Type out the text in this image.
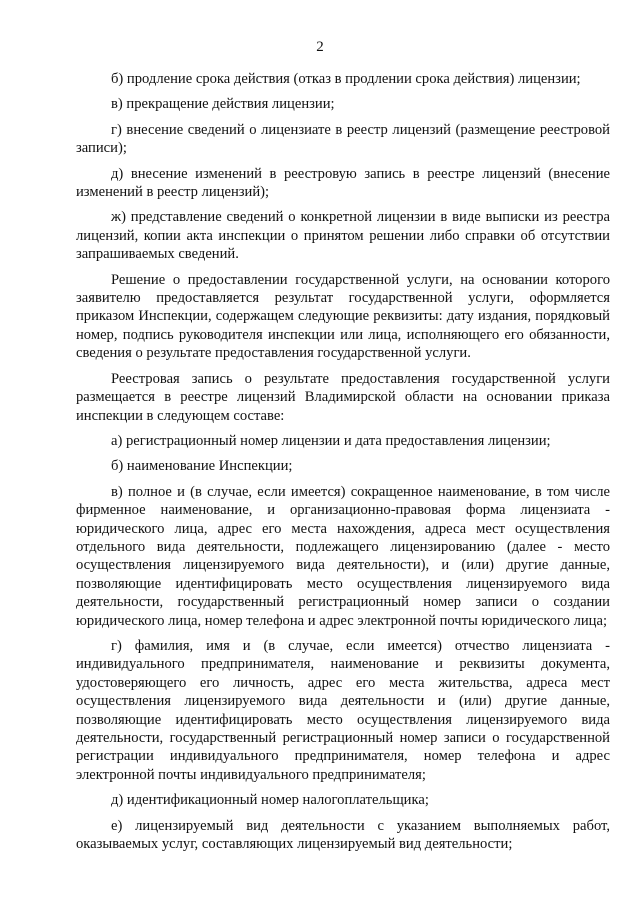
2

б) продление срока действия (отказ в продлении срока действия) лицензии;

в) прекращение действия лицензии;

г) внесение сведений о лицензиате в реестр лицензий (размещение реестровой записи);

д) внесение изменений в реестровую запись в реестре лицензий (внесение изменений в реестр лицензий);

ж) представление сведений о конкретной лицензии в виде выписки из реестра лицензий, копии акта инспекции о принятом решении либо справки об отсутствии запрашиваемых сведений.

Решение о предоставлении государственной услуги, на основании которого заявителю предоставляется результат государственной услуги, оформляется приказом Инспекции, содержащем следующие реквизиты: дату издания, порядковый номер, подпись руководителя инспекции или лица, исполняющего его обязанности, сведения о результате предоставления государственной услуги.

Реестровая запись о результате предоставления государственной услуги размещается в реестре лицензий Владимирской области на основании приказа инспекции в следующем составе:

а) регистрационный номер лицензии и дата предоставления лицензии;

б) наименование Инспекции;

в) полное и (в случае, если имеется) сокращенное наименование, в том числе фирменное наименование, и организационно-правовая форма лицензиата - юридического лица, адрес его места нахождения, адреса мест осуществления отдельного вида деятельности, подлежащего лицензированию (далее - место осуществления лицензируемого вида деятельности), и (или) другие данные, позволяющие идентифицировать место осуществления лицензируемого вида деятельности, государственный регистрационный номер записи о создании юридического лица, номер телефона и адрес электронной почты юридического лица;

г) фамилия, имя и (в случае, если имеется) отчество лицензиата - индивидуального предпринимателя, наименование и реквизиты документа, удостоверяющего его личность, адрес его места жительства, адреса мест осуществления лицензируемого вида деятельности и (или) другие данные, позволяющие идентифицировать место осуществления лицензируемого вида деятельности, государственный регистрационный номер записи о государственной регистрации индивидуального предпринимателя, номер телефона и адрес электронной почты индивидуального предпринимателя;

д) идентификационный номер налогоплательщика;

е) лицензируемый вид деятельности с указанием выполняемых работ, оказываемых услуг, составляющих лицензируемый вид деятельности;
